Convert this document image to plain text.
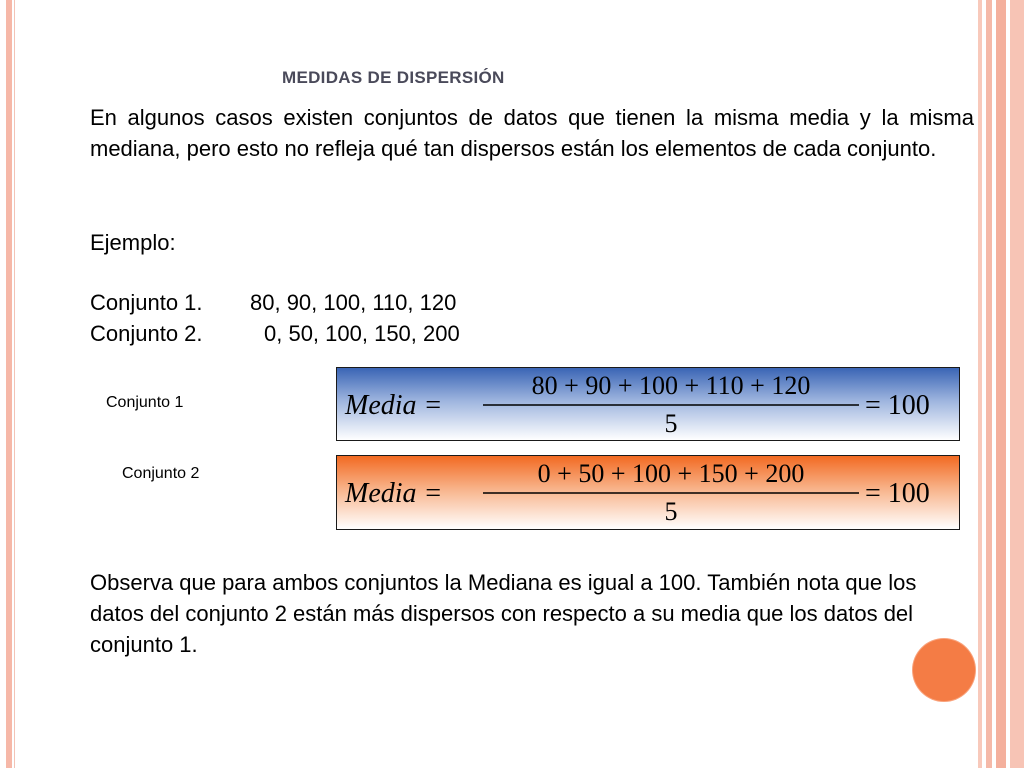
MEDIDAS DE DISPERSIÓN
En algunos casos existen conjuntos de datos que tienen la misma media y la misma mediana, pero esto no refleja qué tan dispersos están los elementos de cada conjunto.
Ejemplo:
Conjunto 1. 80, 90, 100, 110, 120
Conjunto 2.	0, 50, 100, 150, 200
Conjunto 1	Media =
80 + 90 + 100 + 110 + 120
5
= 100
Conjunto 2
Media =
0 + 50 + 100 + 150 + 200
5
= 100
Observa que para ambos conjuntos la Mediana es igual a 100. También nota que los datos del conjunto 2 están más dispersos con respecto a su media que los datos del conjunto 1.
